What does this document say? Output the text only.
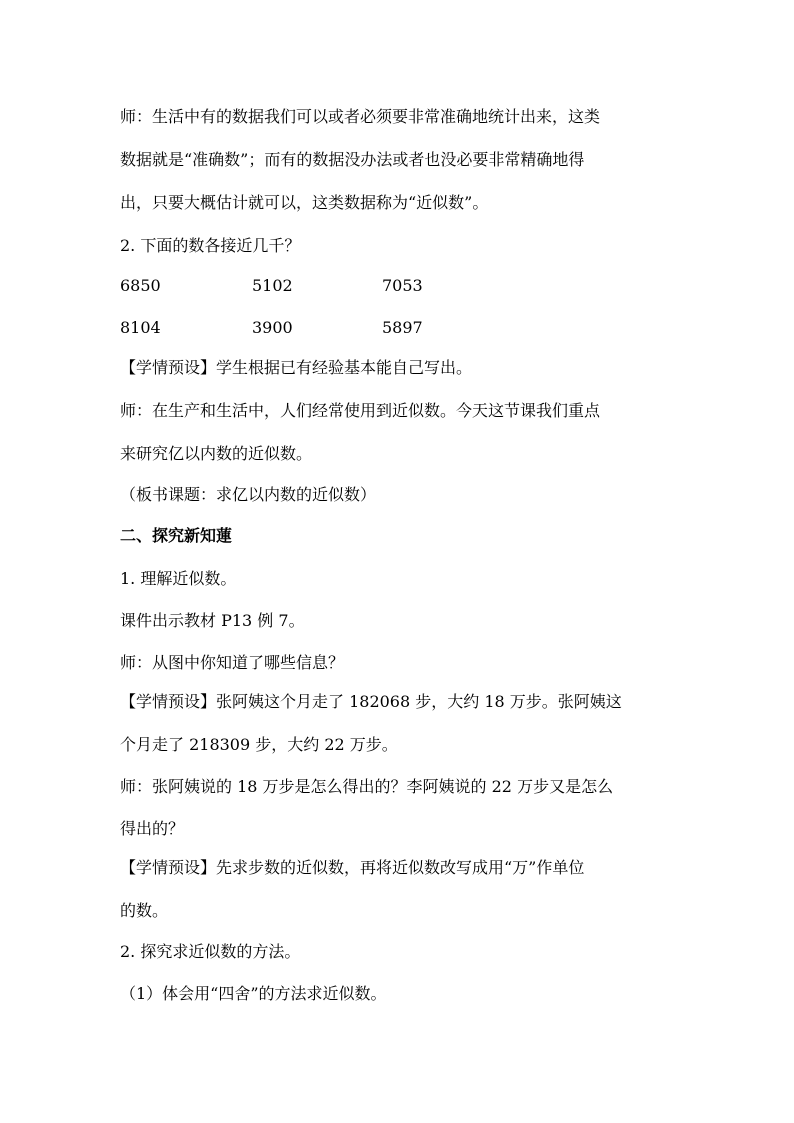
师：生活中有的数据我们可以或者必须要非常准确地统计出来，这类
数据就是“准确数”；而有的数据没办法或者也没必要非常精确地得
出，只要大概估计就可以，这类数据称为“近似数”。
2. 下面的数各接近几千？
6850	5102	7053
8104	3900	5897
【学情预设】学生根据已有经验基本能自己写出。
师：在生产和生活中，人们经常使用到近似数。今天这节课我们重点
来研究亿以内数的近似数。
（板书课题：求亿以内数的近似数）
二、探究新知蓮
1. 理解近似数。
课件出示教材 P13 例 7。
师：从图中你知道了哪些信息？
【学情预设】张阿姨这个月走了 182068 步，大约 18 万步。张阿姨这
个月走了 218309 步，大约 22 万步。
师：张阿姨说的 18 万步是怎么得出的？李阿姨说的 22 万步又是怎么
得出的？
【学情预设】先求步数的近似数，再将近似数改写成用“万”作单位
的数。
2. 探究求近似数的方法。
（1）体会用“四舍”的方法求近似数。
